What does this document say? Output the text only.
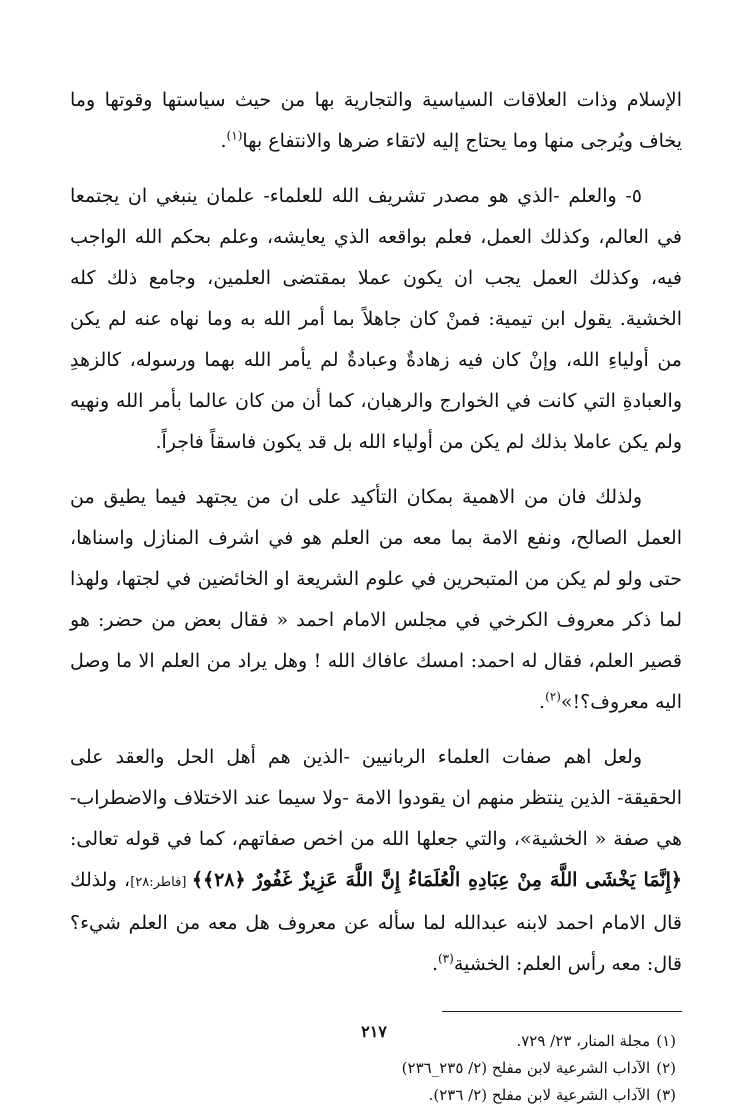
الإسلام وذات العلاقات السياسية والتجارية بها من حيث سياستها وقوتها وما يخاف ويُرجى منها وما يحتاج إليه لاتقاء ضرها والانتفاع بها$^{(١)}$.

٥- والعلم -الذي هو مصدر تشريف الله للعلماء- علمان ينبغي ان يجتمعا في العالم، وكذلك العمل، فعلم بواقعه الذي يعايشه، وعلم بحكم الله الواجب فيه، وكذلك العمل يجب ان يكون عملا بمقتضى العلمين، وجامع ذلك كله الخشية. يقول ابن تيمية: فمنْ كان جاهلاً بما أمر الله به وما نهاه عنه لم يكن من أولياءِ الله، وإنْ كان فيه زهادةٌ وعبادةٌ لم يأمر الله بهما ورسوله، كالزهدِ والعبادةِ التي كانت في الخوارج والرهبان، كما أن من كان عالما بأمر الله ونهيه ولم يكن عاملا بذلك لم يكن من أولياء الله بل قد يكون فاسقاً فاجراً.

ولذلك فان من الاهمية بمكان التأكيد على ان من يجتهد فيما يطيق من العمل الصالح، ونفع الامة بما معه من العلم هو في اشرف المنازل واسناها، حتى ولو لم يكن من المتبحرين في علوم الشريعة او الخائضين في لجتها، ولهذا لما ذكر معروف الكرخي في مجلس الامام احمد « فقال بعض من حضر: هو قصير العلم، فقال له احمد: امسك عافاك الله ! وهل يراد من العلم الا ما وصل اليه معروف؟!»$^{(٢)}$.

ولعل اهم صفات العلماء الربانيين -الذين هم أهل الحل والعقد على الحقيقة- الذين ينتظر منهم ان يقودوا الامة -ولا سيما عند الاختلاف والاضطراب- هي صفة « الخشية»، والتي جعلها الله من اخص صفاتهم، كما في قوله تعالى: ﴿إِنَّمَا يَخْشَى اللَّهَ مِنْ عِبَادِهِ الْعُلَمَاءُ إِنَّ اللَّهَ عَزِيزٌ غَفُورٌ ﴿٢٨﴾﴾ [فاطر:٢٨]، ولذلك قال الامام احمد لابنه عبدالله لما سأله عن معروف هل معه من العلم شيء؟ قال: معه رأس العلم: الخشية$^{(٣)}$.

(١)
مجلة المنار، ٢٣/ ٧٢٩.
(٢)
الآداب الشرعية لابن مفلح (٢/ ٢٣٥_٢٣٦)
(٣)
الآداب الشرعية لابن مفلح (٢/ ٢٣٦).
٢١٧
